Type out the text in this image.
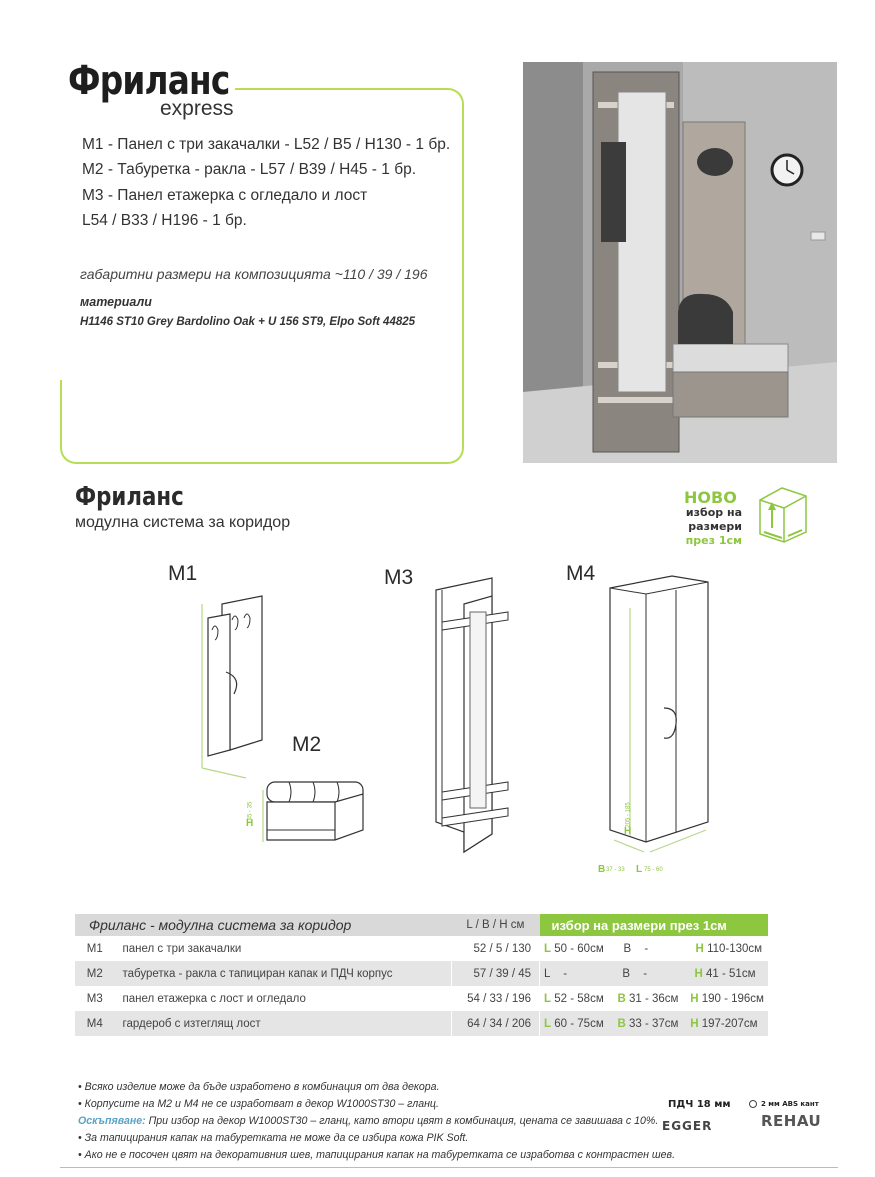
Фриланс
express
M1 - Панел с три закачалки - L52 / B5 / H130 - 1 бр.
M2 - Табуретка - ракла - L57 / B39 / H45 - 1 бр.
M3 - Панел етажерка с огледало и лост
L54 / B33 / H196 - 1 бр.
габаритни размери на композицията ~110 / 39 / 196
материали
H1146 ST10 Grey Bardolino Oak + U 156 ST9, Elpo Soft 44825
Фриланс
модулна система за коридор
НОВО
избор на
размери
през 1см
M1	M3	M4
M2
H
45 - 35
H
205 - 185
B 37 - 33 L 75 - 60
Фриланс - модулна система за коридор		L / B / H см	избор на размери през 1см
M1	панел с три закачалки	52 / 5 / 130	L 50 - 60см B - H 110-130см
M2	табуретка - ракла с тапициран капак и ПДЧ корпус	57 / 39 / 45	L - B - H 41 - 51см
M3	панел етажерка с лост и огледало	54 / 33 / 196	L 52 - 58см B 31 - 36см H 190 - 196см
M4	гардероб с изтеглящ лост	64 / 34 / 206	L 60 - 75см B 33 - 37см H 197-207см
• Всяко изделие може да бъде изработено в комбинация от два декора.
• Корпусите на М2 и М4 не се изработват в декор W1000ST30 – гланц.
Оскъпяване: При избор на декор W1000ST30 – гланц, като втори цвят в комбинация, цената се завишава с 10%.
• За тапицирания капак на табуретката не може да се избира кожа PIK Soft.
• Ако не е посочен цвят на декоративния шев, тапицирания капак на табуретката се изработва с контрастен шев.
ПДЧ 18 мм
EGGER
2 мм ABS кант
REHAU
